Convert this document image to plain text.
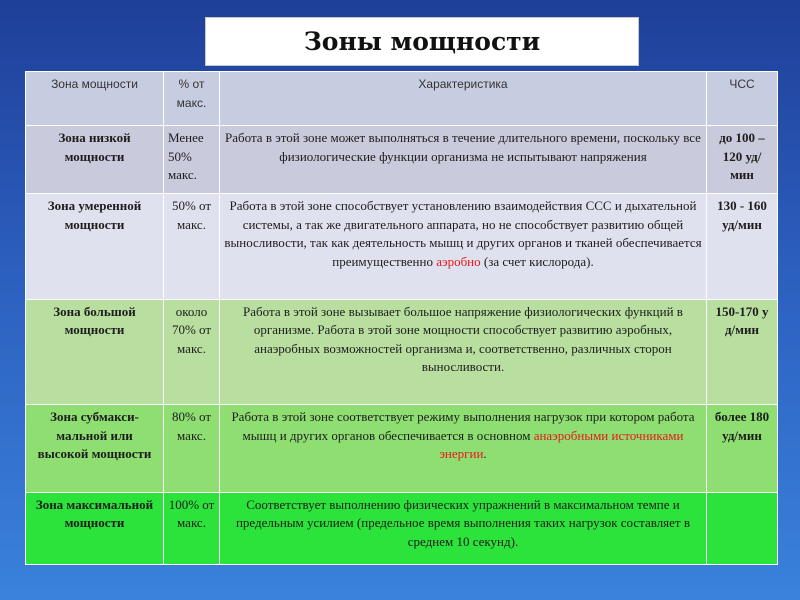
Зоны мощности
Зона мощности	% от макс.	Характеристика	ЧСС
Зона низкой мощности	Менее 50% макс.	Работа в этой зоне может выполняться в течение длительного времени, поскольку все физиологические функции организма не испытывают напряжения	до 100 – 120 уд/мин
Зона умеренной мощности	50% от макс.	Работа в этой зоне способствует установлению взаимодействия ССС и дыхательной системы, а так же двигательного аппарата, но не способствует развитию общей выносливости, так как деятельность мышц и других органов и тканей обеспечивается преимущественно аэробно (за счет кислорода).	130 - 160 уд/мин
Зона большой мощности	около 70% от макс.	Работа в этой зоне вызывает большое напряжение физиологических функций в организме. Работа в этой зоне мощности способствует развитию аэробных, анаэробных возможностей организма и, соответственно, различных сторон выносливости.	150-170 уд/мин
Зона субмакси-мальной или высокой мощности	80% от макс.	Работа в этой зоне соответствует режиму выполнения нагрузок при котором работа мышц и других органов обеспечивается в основном анаэробными источниками энергии.	более 180 уд/мин
Зона максимальной мощности	100% от макс.	Соответствует выполнению физических упражнений в максимальном темпе и предельным усилием (предельное время выполнения таких нагрузок составляет в среднем 10 секунд).	
